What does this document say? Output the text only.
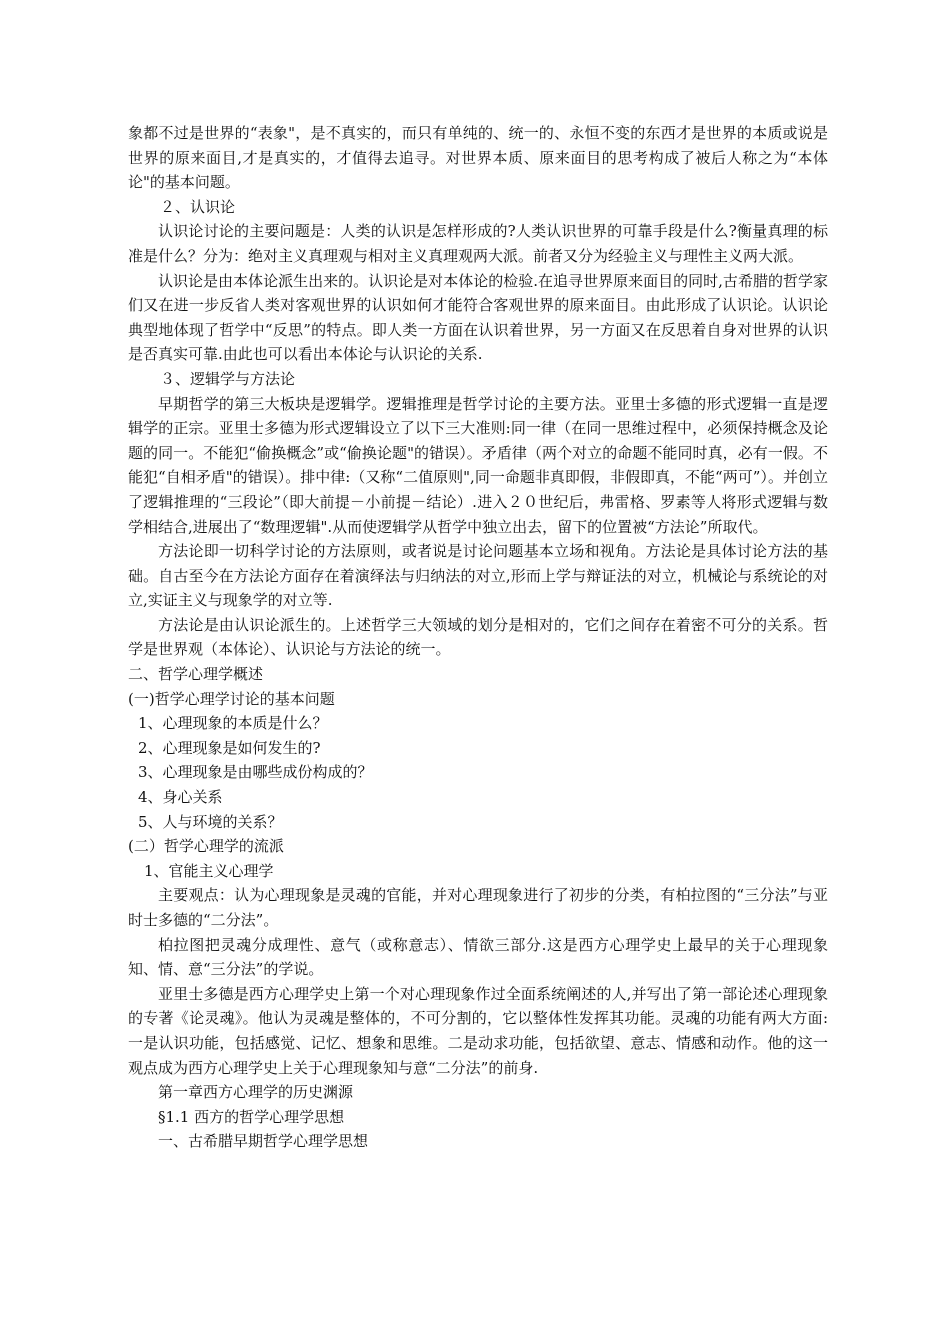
象都不过是世界的“表象"，是不真实的，而只有单纯的、统一的、永恒不变的东西才是世界的本质或说是世界的原来面目,才是真实的，才值得去追寻。对世界本质、原来面目的思考构成了被后人称之为“本体论"的基本问题。

２、认识论

认识论讨论的主要问题是：人类的认识是怎样形成的?人类认识世界的可靠手段是什么?衡量真理的标准是什么？分为：绝对主义真理观与相对主义真理观两大派。前者又分为经验主义与理性主义两大派。

认识论是由本体论派生出来的。认识论是对本体论的检验.在追寻世界原来面目的同时,古希腊的哲学家们又在进一步反省人类对客观世界的认识如何才能符合客观世界的原来面目。由此形成了认识论。认识论典型地体现了哲学中“反思”的特点。即人类一方面在认识着世界，另一方面又在反思着自身对世界的认识是否真实可靠.由此也可以看出本体论与认识论的关系.

３、逻辑学与方法论

早期哲学的第三大板块是逻辑学。逻辑推理是哲学讨论的主要方法。亚里士多德的形式逻辑一直是逻辑学的正宗。亚里士多德为形式逻辑设立了以下三大准则:同一律（在同一思维过程中，必须保持概念及论题的同一。不能犯“偷换概念”或“偷换论题"的错误）。矛盾律（两个对立的命题不能同时真，必有一假。不能犯“自相矛盾"的错误）。排中律:（又称“二值原则",同一命题非真即假，非假即真，不能“两可”）。并创立了逻辑推理的“三段论”（即大前提－小前提－结论）.进入２０世纪后，弗雷格、罗素等人将形式逻辑与数学相结合,进展出了“数理逻辑".从而使逻辑学从哲学中独立出去，留下的位置被“方法论”所取代。

方法论即一切科学讨论的方法原则，或者说是讨论问题基本立场和视角。方法论是具体讨论方法的基础。自古至今在方法论方面存在着演绎法与归纳法的对立,形而上学与辩证法的对立，机械论与系统论的对立,实证主义与现象学的对立等.

方法论是由认识论派生的。上述哲学三大领域的划分是相对的，它们之间存在着密不可分的关系。哲学是世界观（本体论）、认识论与方法论的统一。

二、哲学心理学概述

(一)哲学心理学讨论的基本问题

1、心理现象的本质是什么？

2、心理现象是如何发生的?

3、心理现象是由哪些成份构成的？

4、身心关系

5、人与环境的关系？

(二）哲学心理学的流派

1、官能主义心理学

主要观点：认为心理现象是灵魂的官能，并对心理现象进行了初步的分类，有柏拉图的“三分法”与亚时士多德的“二分法”。

柏拉图把灵魂分成理性、意气（或称意志）、情欲三部分.这是西方心理学史上最早的关于心理现象知、情、意“三分法”的学说。

亚里士多德是西方心理学史上第一个对心理现象作过全面系统阐述的人,并写出了第一部论述心理现象的专著《论灵魂》。他认为灵魂是整体的，不可分割的，它以整体性发挥其功能。灵魂的功能有两大方面:一是认识功能，包括感觉、记忆、想象和思维。二是动求功能，包括欲望、意志、情感和动作。他的这一观点成为西方心理学史上关于心理现象知与意“二分法”的前身.

第一章西方心理学的历史渊源

§1.1 西方的哲学心理学思想

一、古希腊早期哲学心理学思想
